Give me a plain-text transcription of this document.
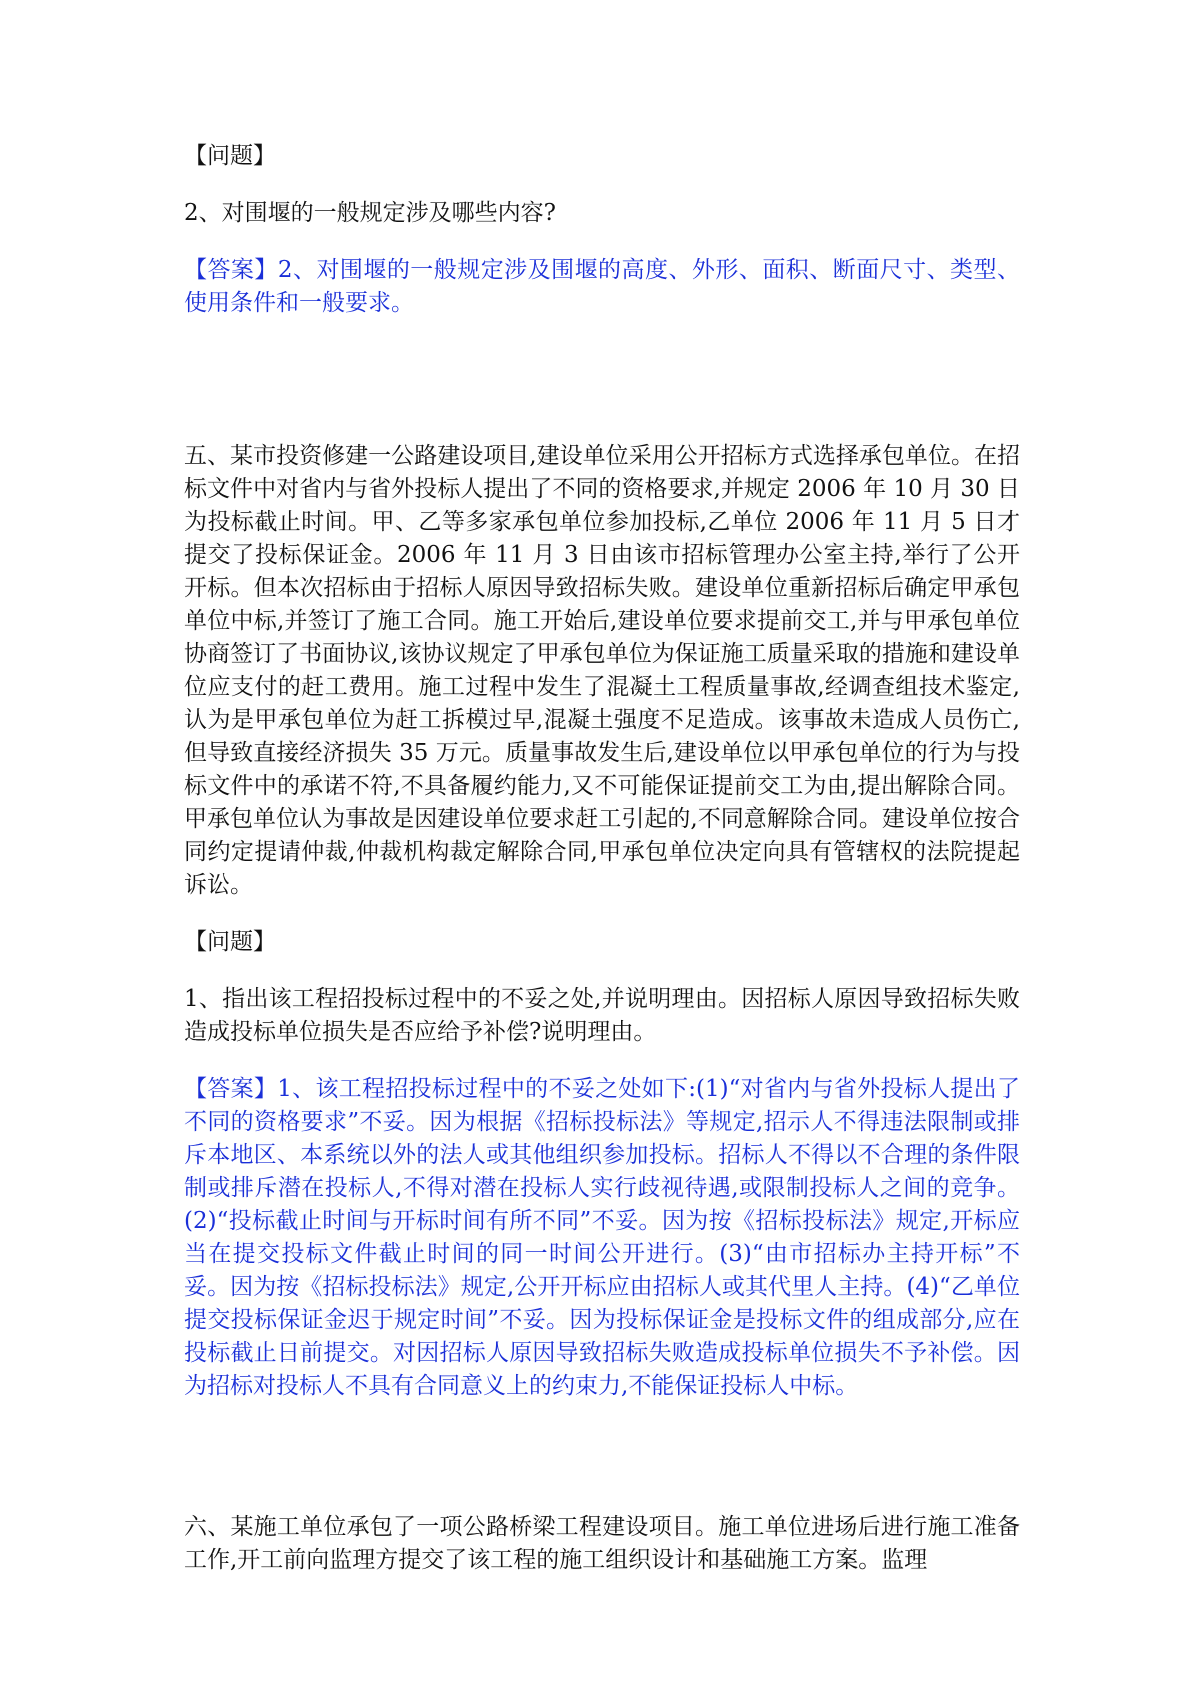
【问题】

2、对围堰的一般规定涉及哪些内容?

【答案】2、对围堰的一般规定涉及围堰的高度、外形、面积、断面尺寸、类型、使用条件和一般要求。

五、某市投资修建一公路建设项目,建设单位采用公开招标方式选择承包单位。在招标文件中对省内与省外投标人提出了不同的资格要求,并规定 2006 年 10 月 30 日为投标截止时间。甲、乙等多家承包单位参加投标,乙单位 2006 年 11 月 5 日才提交了投标保证金。2006 年 11 月 3 日由该市招标管理办公室主持,举行了公开开标。但本次招标由于招标人原因导致招标失败。建设单位重新招标后确定甲承包单位中标,并签订了施工合同。施工开始后,建设单位要求提前交工,并与甲承包单位协商签订了书面协议,该协议规定了甲承包单位为保证施工质量采取的措施和建设单位应支付的赶工费用。施工过程中发生了混凝土工程质量事故,经调查组技术鉴定,认为是甲承包单位为赶工拆模过早,混凝土强度不足造成。该事故未造成人员伤亡,但导致直接经济损失 35 万元。质量事故发生后,建设单位以甲承包单位的行为与投标文件中的承诺不符,不具备履约能力,又不可能保证提前交工为由,提出解除合同。甲承包单位认为事故是因建设单位要求赶工引起的,不同意解除合同。建设单位按合同约定提请仲裁,仲裁机构裁定解除合同,甲承包单位决定向具有管辖权的法院提起诉讼。

【问题】

1、指出该工程招投标过程中的不妥之处,并说明理由。因招标人原因导致招标失败造成投标单位损失是否应给予补偿?说明理由。

【答案】1、该工程招投标过程中的不妥之处如下:(1)“对省内与省外投标人提出了不同的资格要求”不妥。因为根据《招标投标法》等规定,招示人不得违法限制或排斥本地区、本系统以外的法人或其他组织参加投标。招标人不得以不合理的条件限制或排斥潜在投标人,不得对潜在投标人实行歧视待遇,或限制投标人之间的竞争。(2)“投标截止时间与开标时间有所不同”不妥。因为按《招标投标法》规定,开标应当在提交投标文件截止时间的同一时间公开进行。(3)“由市招标办主持开标”不妥。因为按《招标投标法》规定,公开开标应由招标人或其代里人主持。(4)“乙单位提交投标保证金迟于规定时间”不妥。因为投标保证金是投标文件的组成部分,应在投标截止日前提交。对因招标人原因导致招标失败造成投标单位损失不予补偿。因为招标对投标人不具有合同意义上的约束力,不能保证投标人中标。

六、某施工单位承包了一项公路桥梁工程建设项目。施工单位进场后进行施工准备工作,开工前向监理方提交了该工程的施工组织设计和基础施工方案。监理
